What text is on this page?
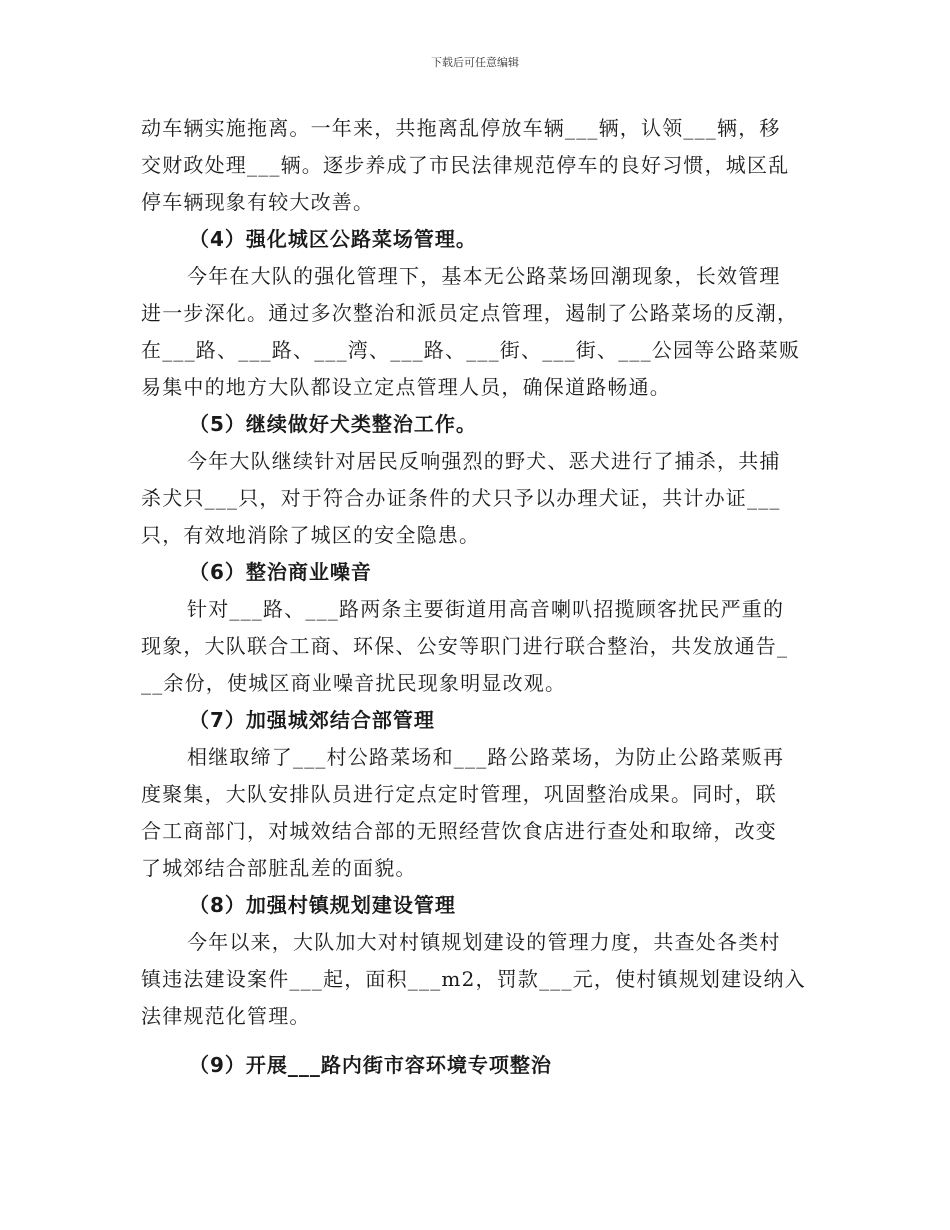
下载后可任意编辑
动车辆实施拖离。一年来，共拖离乱停放车辆___辆，认领___辆，移
交财政处理___辆。逐步养成了市民法律规范停车的良好习惯，城区乱
停车辆现象有较大改善。
（4）强化城区公路菜场管理。
今年在大队的强化管理下，基本无公路菜场回潮现象，长效管理
进一步深化。通过多次整治和派员定点管理，遏制了公路菜场的反潮，
在___路、___路、___湾、___路、___街、___街、___公园等公路菜贩
易集中的地方大队都设立定点管理人员，确保道路畅通。
（5）继续做好犬类整治工作。
今年大队继续针对居民反响强烈的野犬、恶犬进行了捕杀，共捕
杀犬只___只，对于符合办证条件的犬只予以办理犬证，共计办证___
只，有效地消除了城区的安全隐患。
（6）整治商业噪音
针对___路、___路两条主要街道用高音喇叭招揽顾客扰民严重的
现象，大队联合工商、环保、公安等职门进行联合整治，共发放通告_
__余份，使城区商业噪音扰民现象明显改观。
（7）加强城郊结合部管理
相继取缔了___村公路菜场和___路公路菜场，为防止公路菜贩再
度聚集，大队安排队员进行定点定时管理，巩固整治成果。同时，联
合工商部门，对城效结合部的无照经营饮食店进行查处和取缔，改变
了城郊结合部脏乱差的面貌。
（8）加强村镇规划建设管理
今年以来，大队加大对村镇规划建设的管理力度，共查处各类村
镇违法建设案件___起，面积___m2，罚款___元，使村镇规划建设纳入
法律规范化管理。
（9）开展___路内街市容环境专项整治
